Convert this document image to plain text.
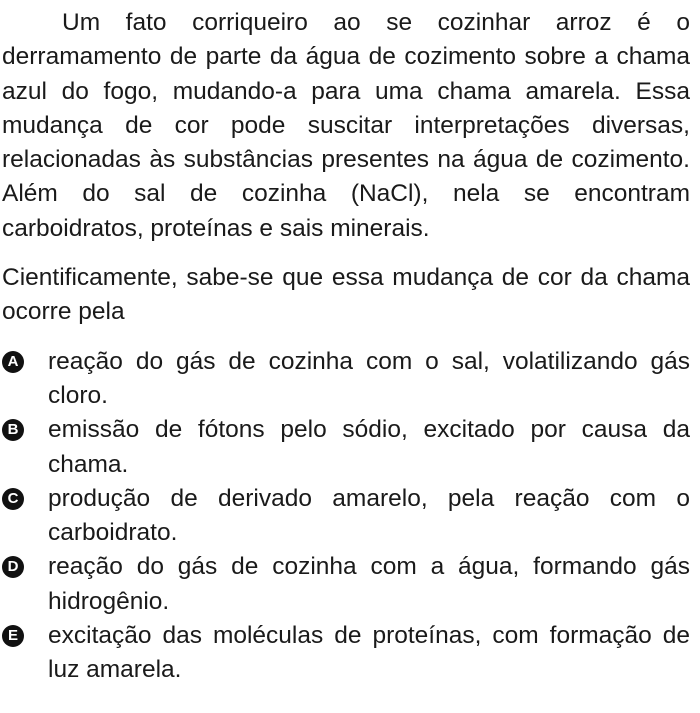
Um fato corriqueiro ao se cozinhar arroz é o derramamento de parte da água de cozimento sobre a chama azul do fogo, mudando-a para uma chama amarela. Essa mudança de cor pode suscitar interpretações diversas, relacionadas às substâncias presentes na água de cozimento. Além do sal de cozinha (NaCl), nela se encontram carboidratos, proteínas e sais minerais.

Cientificamente, sabe-se que essa mudança de cor da chama ocorre pela

A reação do gás de cozinha com o sal, volatilizando gás cloro.
B emissão de fótons pelo sódio, excitado por causa da chama.
C produção de derivado amarelo, pela reação com o carboidrato.
D reação do gás de cozinha com a água, formando gás hidrogênio.
E excitação das moléculas de proteínas, com formação de luz amarela.
